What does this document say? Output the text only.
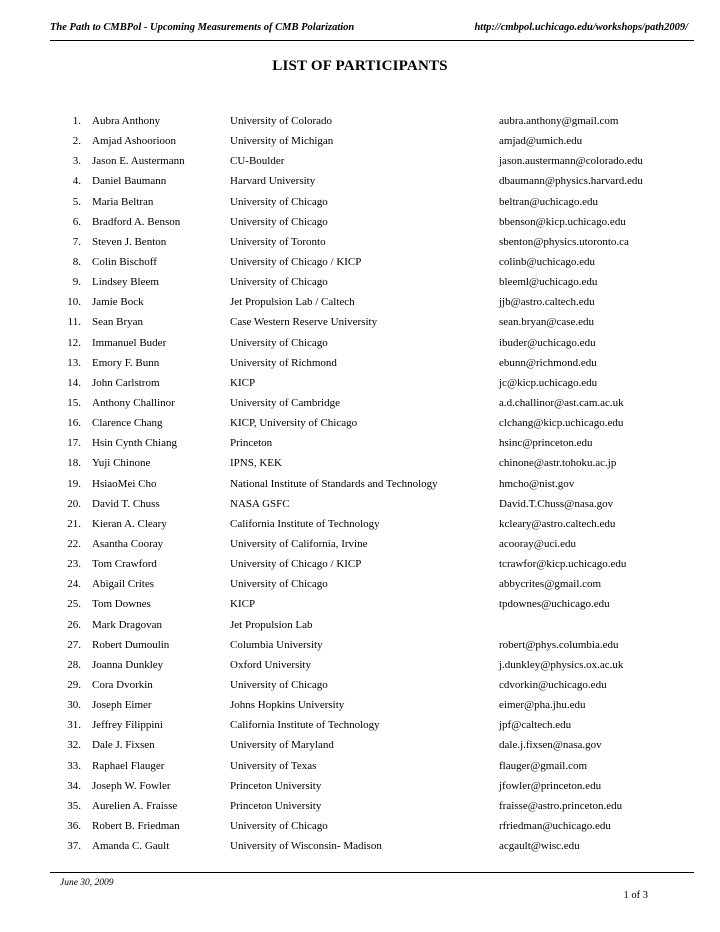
The Path to CMBPol - Upcoming Measurements of CMB Polarization	http://cmbpol.uchicago.edu/workshops/path2009/
LIST OF PARTICIPANTS
1. Aubra Anthony	University of Colorado	aubra.anthony@gmail.com
2. Amjad Ashoorioon	University of Michigan	amjad@umich.edu
3. Jason E. Austermann	CU-Boulder	jason.austermann@colorado.edu
4. Daniel Baumann	Harvard University	dbaumann@physics.harvard.edu
5. Maria Beltran	University of Chicago	beltran@uchicago.edu
6. Bradford A. Benson	University of Chicago	bbenson@kicp.uchicago.edu
7. Steven J. Benton	University of Toronto	sbenton@physics.utoronto.ca
8. Colin Bischoff	University of Chicago / KICP	colinb@uchicago.edu
9. Lindsey Bleem	University of Chicago	bleeml@uchicago.edu
10. Jamie Bock	Jet Propulsion Lab / Caltech	jjb@astro.caltech.edu
11. Sean Bryan	Case Western Reserve University	sean.bryan@case.edu
12. Immanuel Buder	University of Chicago	ibuder@uchicago.edu
13. Emory F. Bunn	University of Richmond	ebunn@richmond.edu
14. John Carlstrom	KICP	jc@kicp.uchicago.edu
15. Anthony Challinor	University of Cambridge	a.d.challinor@ast.cam.ac.uk
16. Clarence Chang	KICP, University of Chicago	clchang@kicp.uchicago.edu
17. Hsin Cynth Chiang	Princeton	hsinc@princeton.edu
18. Yuji Chinone	IPNS, KEK	chinone@astr.tohoku.ac.jp
19. HsiaoMei Cho	National Institute of Standards and Technology	hmcho@nist.gov
20. David T. Chuss	NASA GSFC	David.T.Chuss@nasa.gov
21. Kieran A. Cleary	California Institute of Technology	kcleary@astro.caltech.edu
22. Asantha Cooray	University of California, Irvine	acooray@uci.edu
23. Tom Crawford	University of Chicago / KICP	tcrawfor@kicp.uchicago.edu
24. Abigail Crites	University of Chicago	abbycrites@gmail.com
25. Tom Downes	KICP	tpdownes@uchicago.edu
26. Mark Dragovan	Jet Propulsion Lab
27. Robert Dumoulin	Columbia University	robert@phys.columbia.edu
28. Joanna Dunkley	Oxford University	j.dunkley@physics.ox.ac.uk
29. Cora Dvorkin	University of Chicago	cdvorkin@uchicago.edu
30. Joseph Eimer	Johns Hopkins University	eimer@pha.jhu.edu
31. Jeffrey Filippini	California Institute of Technology	jpf@caltech.edu
32. Dale J. Fixsen	University of Maryland	dale.j.fixsen@nasa.gov
33. Raphael Flauger	University of Texas	flauger@gmail.com
34. Joseph W. Fowler	Princeton University	jfowler@princeton.edu
35. Aurelien A. Fraisse	Princeton University	fraisse@astro.princeton.edu
36. Robert B. Friedman	University of Chicago	rfriedman@uchicago.edu
37. Amanda C. Gault	University of Wisconsin- Madison	acgault@wisc.edu
June 30, 2009
1 of 3
